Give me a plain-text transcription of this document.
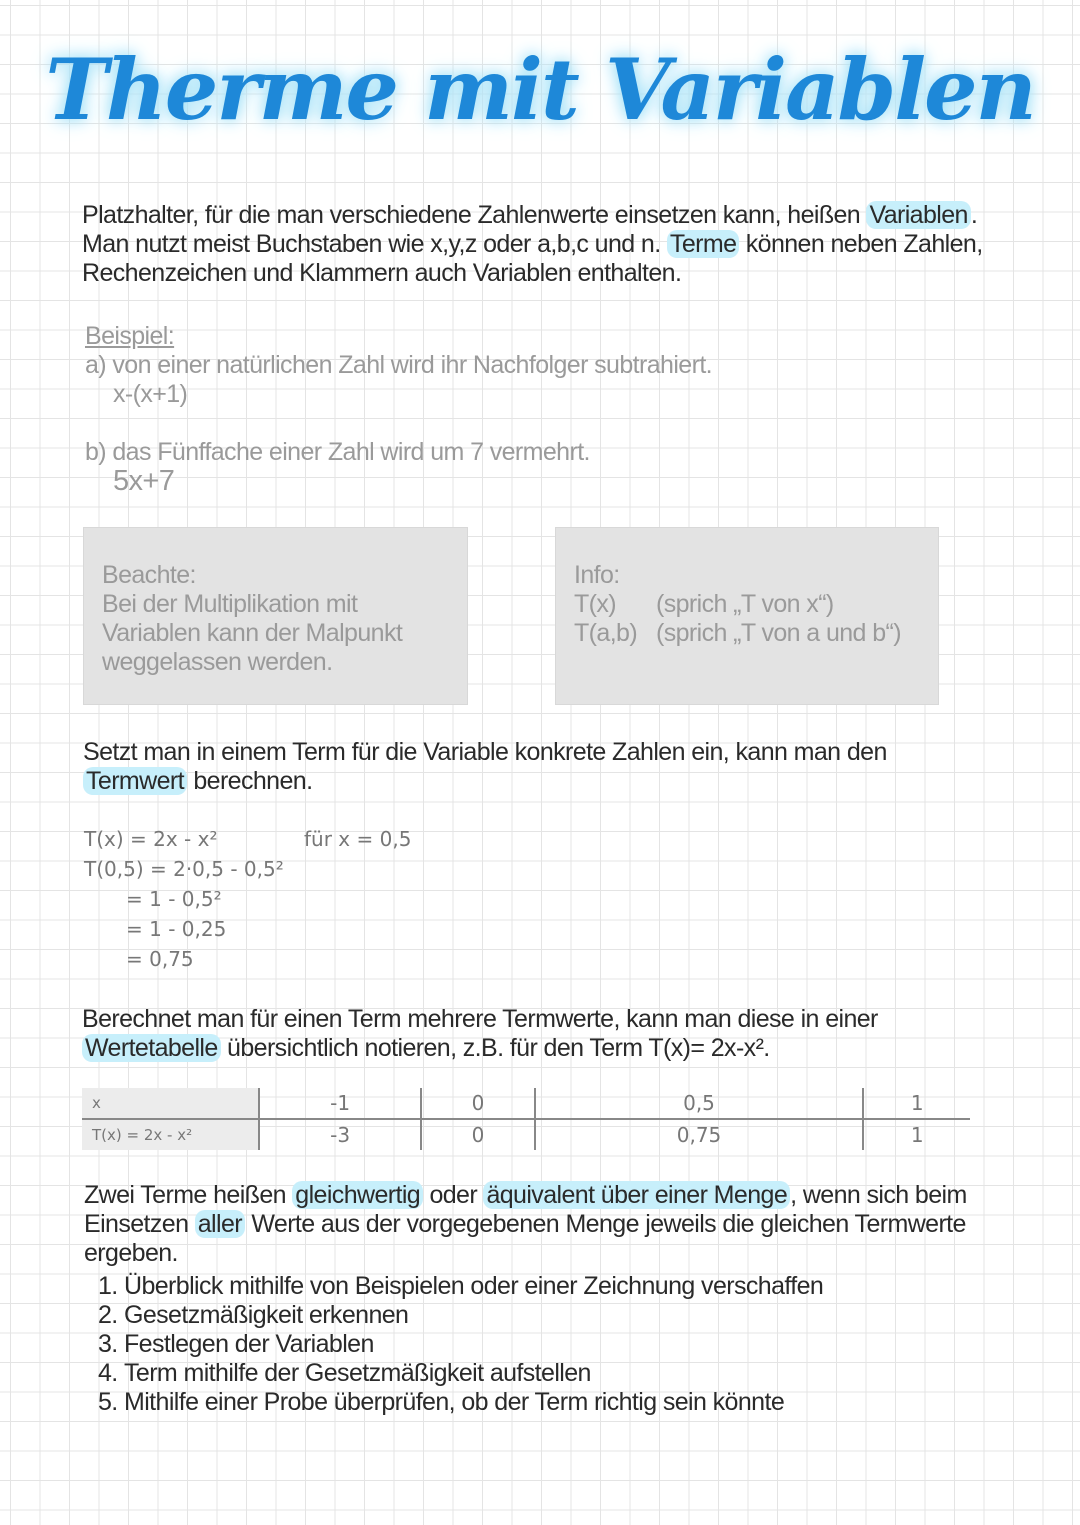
Therme mit Variablen
Platzhalter, für die man verschiedene Zahlenwerte einsetzen kann, heißen Variablen . Man nutzt meist Buchstaben wie x,y,z oder a,b,c und n. Terme können neben Zahlen, Rechenzeichen und Klammern auch Variablen enthalten.
Beispiel:
a) von einer natürlichen Zahl wird ihr Nachfolger subtrahiert.
x-(x+1)
b) das Fünffache einer Zahl wird um 7 vermehrt.
5x+7
Beachte:
Bei der Multiplikation mit Variablen kann der Malpunkt weggelassen werden.
Info:
T(x) (sprich „T von x“)
T(a,b) (sprich „T von a und b“)
Setzt man in einem Term für die Variable konkrete Zahlen ein, kann man den Termwert berechnen.
T(x) = 2x - x²
T(0,5) = 2·0,5 - 0,5²
= 1 - 0,5²
= 1 - 0,25
= 0,75
für x = 0,5
Berechnet man für einen Term mehrere Termwerte, kann man diese in einer Wertetabelle übersichtlich notieren, z.B. für den Term T(x)= 2x-x².
x	-1	0	0,5	1
T(x) = 2x - x²	-3	0	0,75	1
Zwei Terme heißen gleichwertig oder äquivalent über einer Menge , wenn sich beim Einsetzen aller Werte aus der vorgegebenen Menge jeweils die gleichen Termwerte ergeben.
1. Überblick mithilfe von Beispielen oder einer Zeichnung verschaffen
2. Gesetzmäßigkeit erkennen
3. Festlegen der Variablen
4. Term mithilfe der Gesetzmäßigkeit aufstellen
5. Mithilfe einer Probe überprüfen, ob der Term richtig sein könnte
